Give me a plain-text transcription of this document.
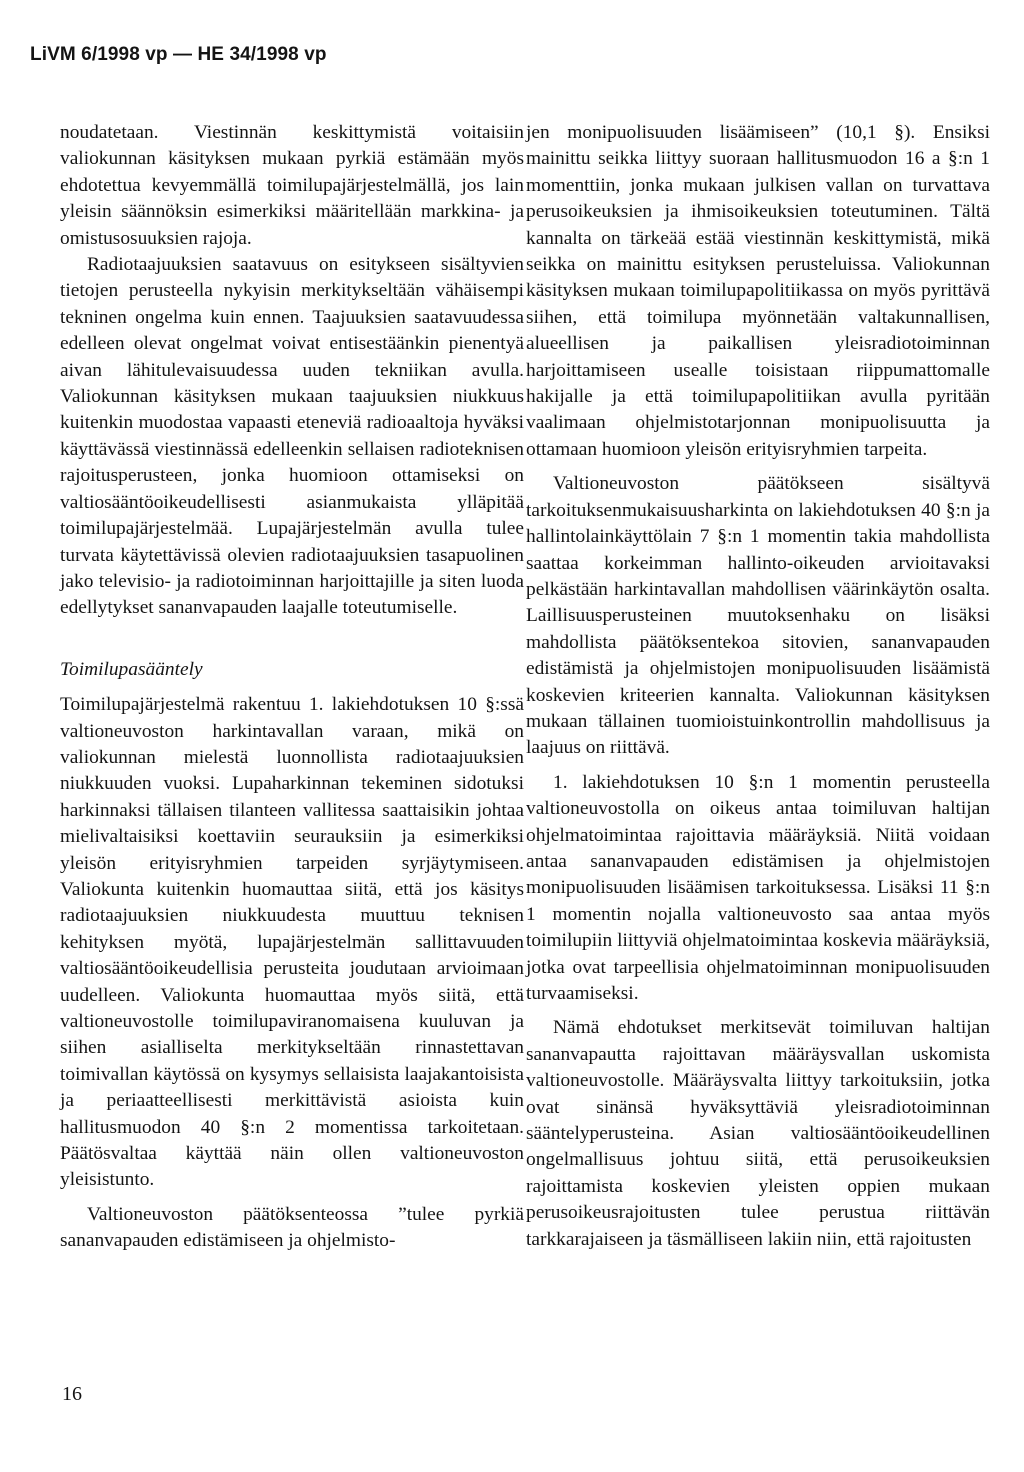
LiVM 6/1998 vp — HE 34/1998 vp

noudatetaan. Viestinnän keskittymistä voitaisiin valiokunnan käsityksen mukaan pyrkiä estämään myös ehdotettua kevyemmällä toimilupajärjestelmällä, jos lain yleisin säännöksin esimerkiksi määritellään markkina- ja omistusosuuksien rajoja.

Radiotaajuuksien saatavuus on esitykseen sisältyvien tietojen perusteella nykyisin merkitykseltään vähäisempi tekninen ongelma kuin ennen. Taajuuksien saatavuudessa edelleen olevat ongelmat voivat entisestäänkin pienentyä aivan lähitulevaisuudessa uuden tekniikan avulla. Valiokunnan käsityksen mukaan taajuuksien niukkuus kuitenkin muodostaa vapaasti eteneviä radioaaltoja hyväksi käyttävässä viestinnässä edelleenkin sellaisen radioteknisen rajoitusperusteen, jonka huomioon ottamiseksi on valtiosääntöoikeudellisesti asianmukaista ylläpitää toimilupajärjestelmää. Lupajärjestelmän avulla tulee turvata käytettävissä olevien radiotaajuuksien tasapuolinen jako televisio- ja radiotoiminnan harjoittajille ja siten luoda edellytykset sananvapauden laajalle toteutumiselle.

Toimilupasääntely

Toimilupajärjestelmä rakentuu 1. lakiehdotuksen 10 §:ssä valtioneuvoston harkintavallan varaan, mikä on valiokunnan mielestä luonnollista radiotaajuuksien niukkuuden vuoksi. Lupaharkinnan tekeminen sidotuksi harkinnaksi tällaisen tilanteen vallitessa saattaisikin johtaa mielivaltaisiksi koettaviin seurauksiin ja esimerkiksi yleisön erityisryhmien tarpeiden syrjäytymiseen. Valiokunta kuitenkin huomauttaa siitä, että jos käsitys radiotaajuuksien niukkuudesta muuttuu teknisen kehityksen myötä, lupajärjestelmän sallittavuuden valtiosääntöoikeudellisia perusteita joudutaan arvioimaan uudelleen. Valiokunta huomauttaa myös siitä, että valtioneuvostolle toimilupaviranomaisena kuuluvan ja siihen asialliselta merkitykseltään rinnastettavan toimivallan käytössä on kysymys sellaisista laajakantoisista ja periaatteellisesti merkittävistä asioista kuin hallitusmuodon 40 §:n 2 momentissa tarkoitetaan. Päätösvaltaa käyttää näin ollen valtioneuvoston yleisistunto.

Valtioneuvoston päätöksenteossa ”tulee pyrkiä sananvapauden edistämiseen ja ohjelmisto-

jen monipuolisuuden lisäämiseen” (10,1 §). Ensiksi mainittu seikka liittyy suoraan hallitusmuodon 16 a §:n 1 momenttiin, jonka mukaan julkisen vallan on turvattava perusoikeuksien ja ihmisoikeuksien toteutuminen. Tältä kannalta on tärkeää estää viestinnän keskittymistä, mikä seikka on mainittu esityksen perusteluissa. Valiokunnan käsityksen mukaan toimilupapolitiikassa on myös pyrittävä siihen, että toimilupa myönnetään valtakunnallisen, alueellisen ja paikallisen yleisradiotoiminnan harjoittamiseen usealle toisistaan riippumattomalle hakijalle ja että toimilupapolitiikan avulla pyritään vaalimaan ohjelmistotarjonnan monipuolisuutta ja ottamaan huomioon yleisön erityisryhmien tarpeita.

Valtioneuvoston päätökseen sisältyvä tarkoituksenmukaisuusharkinta on lakiehdotuksen 40 §:n ja hallintolainkäyttölain 7 §:n 1 momentin takia mahdollista saattaa korkeimman hallinto-oikeuden arvioitavaksi pelkästään harkintavallan mahdollisen väärinkäytön osalta. Laillisuusperusteinen muutoksenhaku on lisäksi mahdollista päätöksentekoa sitovien, sananvapauden edistämistä ja ohjelmistojen monipuolisuuden lisäämistä koskevien kriteerien kannalta. Valiokunnan käsityksen mukaan tällainen tuomioistuinkontrollin mahdollisuus ja laajuus on riittävä.

1. lakiehdotuksen 10 §:n 1 momentin perusteella valtioneuvostolla on oikeus antaa toimiluvan haltijan ohjelmatoimintaa rajoittavia määräyksiä. Niitä voidaan antaa sananvapauden edistämisen ja ohjelmistojen monipuolisuuden lisäämisen tarkoituksessa. Lisäksi 11 §:n 1 momentin nojalla valtioneuvosto saa antaa myös toimilupiin liittyviä ohjelmatoimintaa koskevia määräyksiä, jotka ovat tarpeellisia ohjelmatoiminnan monipuolisuuden turvaamiseksi.

Nämä ehdotukset merkitsevät toimiluvan haltijan sananvapautta rajoittavan määräysvallan uskomista valtioneuvostolle. Määräysvalta liittyy tarkoituksiin, jotka ovat sinänsä hyväksyttäviä yleisradiotoiminnan sääntelyperusteina. Asian valtiosääntöoikeudellinen ongelmallisuus johtuu siitä, että perusoikeuksien rajoittamista koskevien yleisten oppien mukaan perusoikeusrajoitusten tulee perustua riittävän tarkkarajaiseen ja täsmälliseen lakiin niin, että rajoitusten

16
